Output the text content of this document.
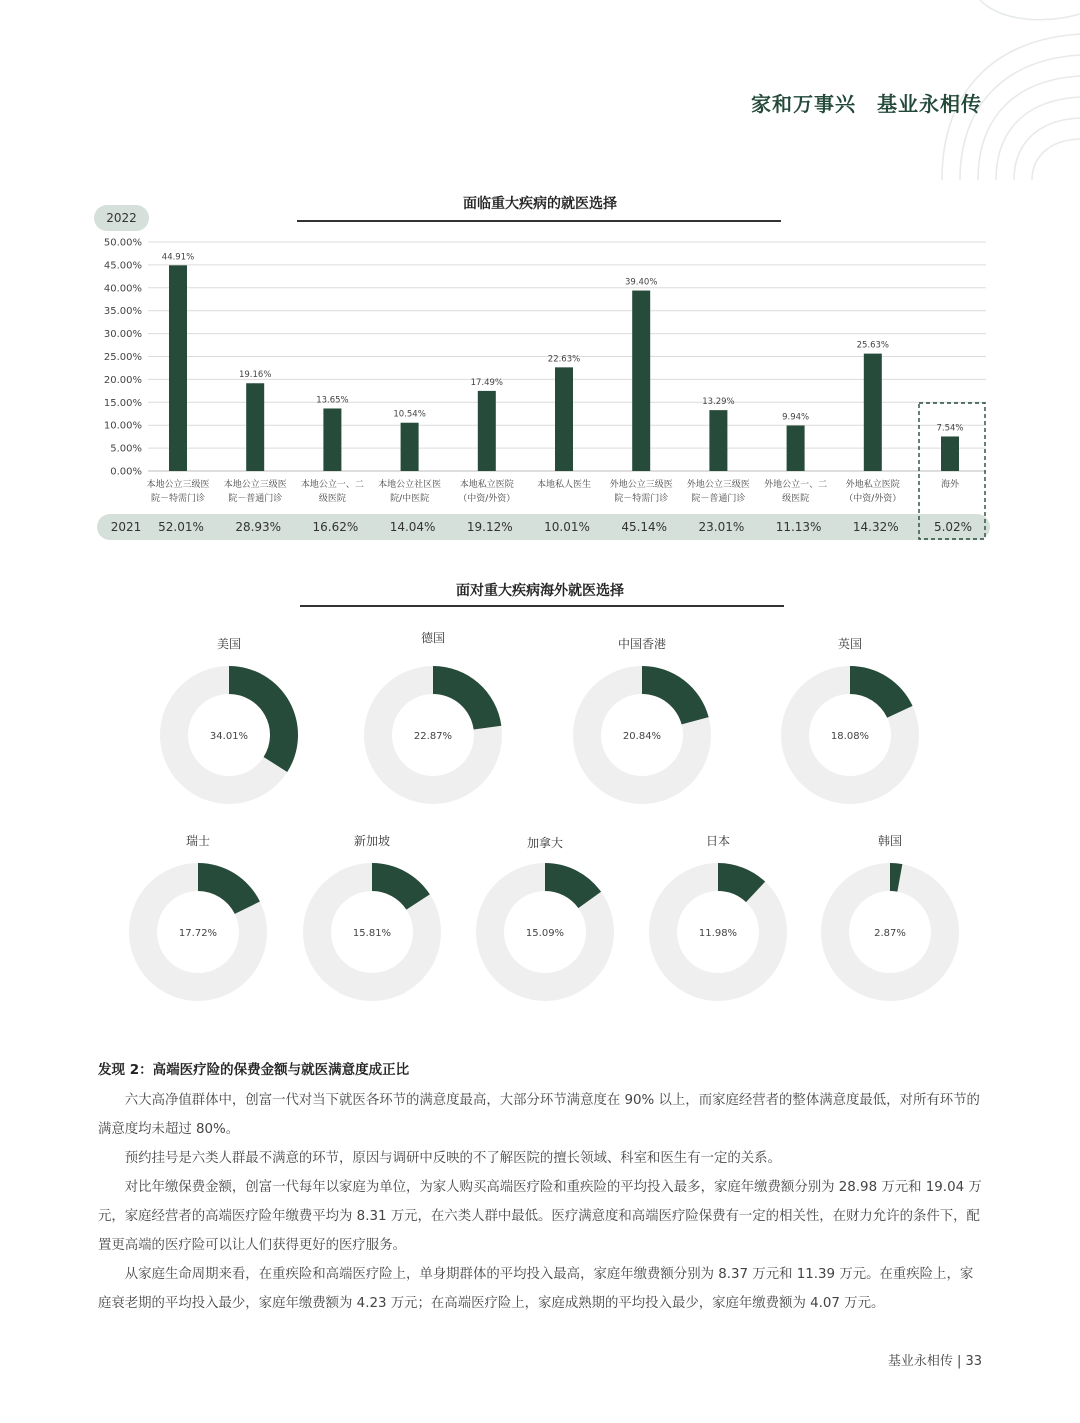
家和万事兴　基业永相传
面临重大疾病的就医选择
面对重大疾病海外就医选择
2022
0.00%
5.00%
10.00%
15.00%
20.00%
25.00%
30.00%
35.00%
40.00%
45.00%
50.00%
2021
44.91%
本地公立三级医
院－特需门诊
52.01%
19.16%
本地公立三级医
院－普通门诊
28.93%
13.65%
本地公立一、二
级医院
16.62%
10.54%
本地公立社区医
院/中医院
14.04%
17.49%
本地私立医院
（中资/外资）
19.12%
22.63%
本地私人医生
10.01%
39.40%
外地公立三级医
院－特需门诊
45.14%
13.29%
外地公立三级医
院－普通门诊
23.01%
9.94%
外地公立一、二
级医院
11.13%
25.63%
外地私立医院
（中资/外资）
14.32%
7.54%
海外
5.02%
美国
34.01%
德国
22.87%
中国香港
20.84%
英国
18.08%
瑞士
17.72%
新加坡
15.81%
加拿大
15.09%
日本
11.98%
韩国
2.87%

发现 2：高端医疗险的保费金额与就医满意度成正比

六大高净值群体中，创富一代对当下就医各环节的满意度最高，大部分环节满意度在 90% 以上，而家庭经营者的整体满意度最低，对所有环节的满意度均未超过 80%。

预约挂号是六类人群最不满意的环节，原因与调研中反映的不了解医院的擅长领域、科室和医生有一定的关系。

对比年缴保费金额，创富一代每年以家庭为单位，为家人购买高端医疗险和重疾险的平均投入最多，家庭年缴费额分别为 28.98 万元和 19.04 万元，家庭经营者的高端医疗险年缴费平均为 8.31 万元，在六类人群中最低。医疗满意度和高端医疗险保费有一定的相关性，在财力允许的条件下，配置更高端的医疗险可以让人们获得更好的医疗服务。

从家庭生命周期来看，在重疾险和高端医疗险上，单身期群体的平均投入最高，家庭年缴费额分别为 8.37 万元和 11.39 万元。在重疾险上，家庭衰老期的平均投入最少，家庭年缴费额为 4.23 万元；在高端医疗险上，家庭成熟期的平均投入最少，家庭年缴费额为 4.07 万元。

基业永相传 | 33
